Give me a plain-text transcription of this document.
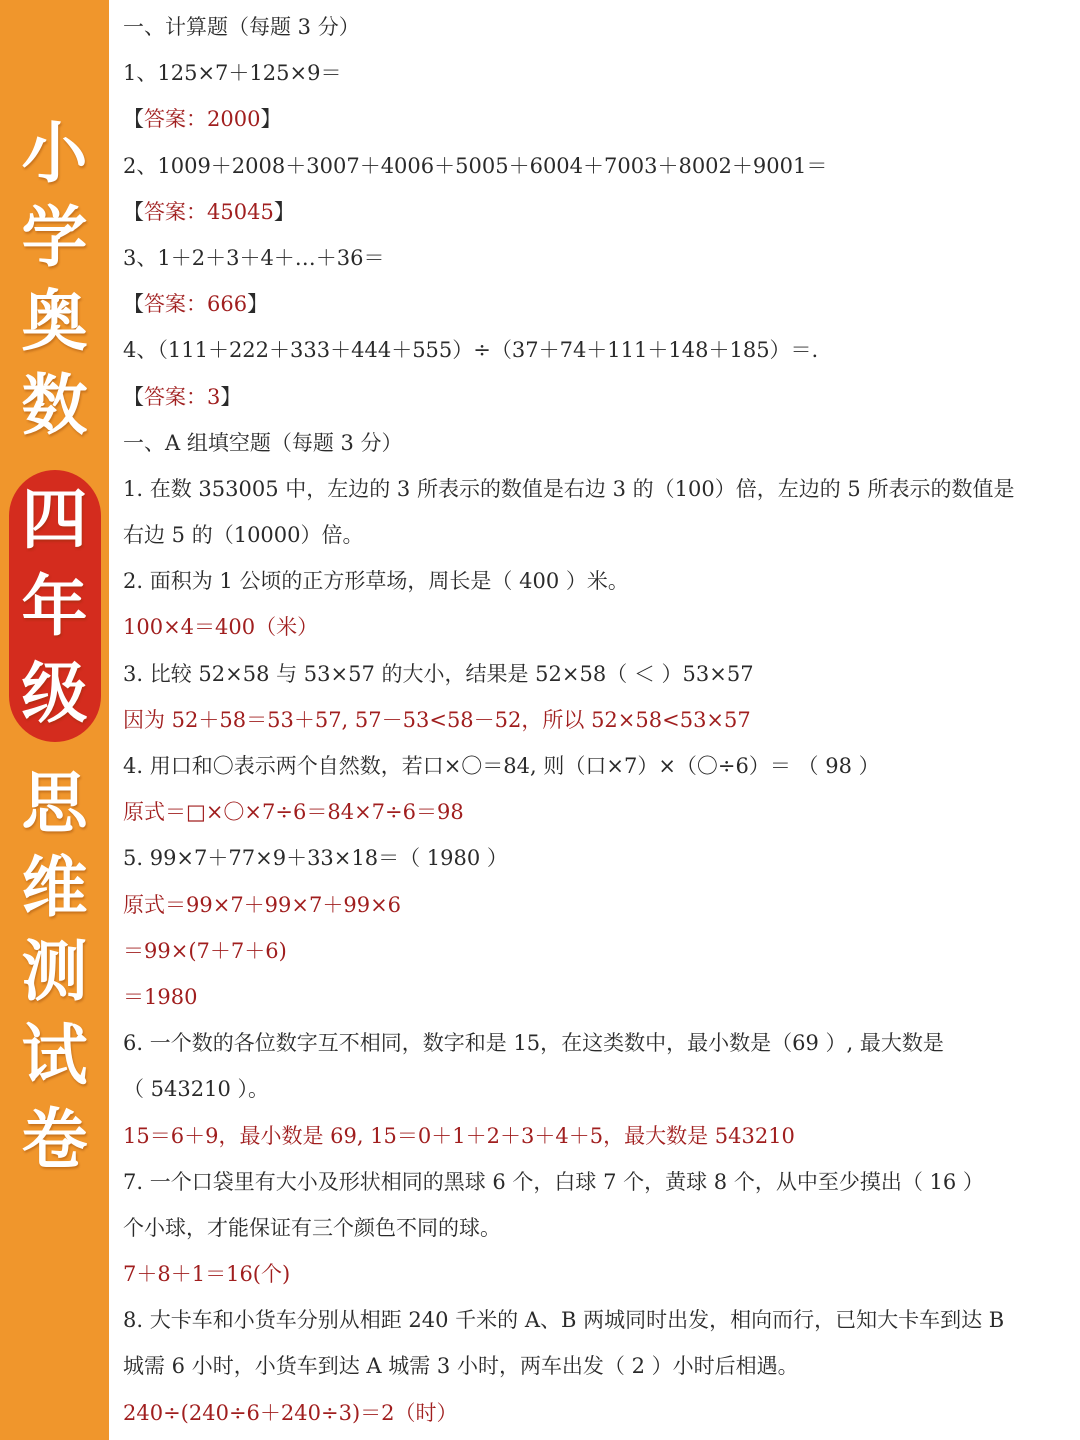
小
学
奥
数
四
年
级
思
维
测
试
卷
一、计算题（每题 3 分）
1、125×7＋125×9＝
【答案：2000】
2、1009＋2008＋3007＋4006＋5005＋6004＋7003＋8002＋9001＝
【答案：45045】
3、1＋2＋3＋4＋…＋36＝
【答案：666】
4、（111＋222＋333＋444＋555）÷（37＋74＋111＋148＋185）＝.
【答案：3】
一、A 组填空题（每题 3 分）
1. 在数 353005 中，左边的 3 所表示的数值是右边 3 的（100）倍，左边的 5 所表示的数值是
右边 5 的（10000）倍。
2. 面积为 1 公顷的正方形草场，周长是（ 400 ）米。
100×4＝400（米）
3. 比较 52×58 与 53×57 的大小，结果是 52×58（ ＜ ）53×57
因为 52＋58＝53＋57, 57－53<58－52，所以 52×58<53×57
4. 用口和〇表示两个自然数，若口×〇＝84, 则（口×7）×（〇÷6）＝ （ 98 ）
原式＝□×〇×7÷6＝84×7÷6＝98
5. 99×7＋77×9＋33×18＝（ 1980 ）
原式＝99×7＋99×7＋99×6
＝99×(7＋7＋6)
＝1980
6. 一个数的各位数字互不相同，数字和是 15，在这类数中，最小数是（69 ）, 最大数是
（ 543210 ）。
15＝6＋9，最小数是 69, 15＝0＋1＋2＋3＋4＋5，最大数是 543210
7. 一个口袋里有大小及形状相同的黑球 6 个，白球 7 个，黄球 8 个，从中至少摸出（ 16 ）
个小球，才能保证有三个颜色不同的球。
7＋8＋1＝16(个)
8. 大卡车和小货车分别从相距 240 千米的 A、B 两城同时出发，相向而行，已知大卡车到达 B
城需 6 小时，小货车到达 A 城需 3 小时，两车出发（ 2 ）小时后相遇。
240÷(240÷6＋240÷3)＝2（时）
